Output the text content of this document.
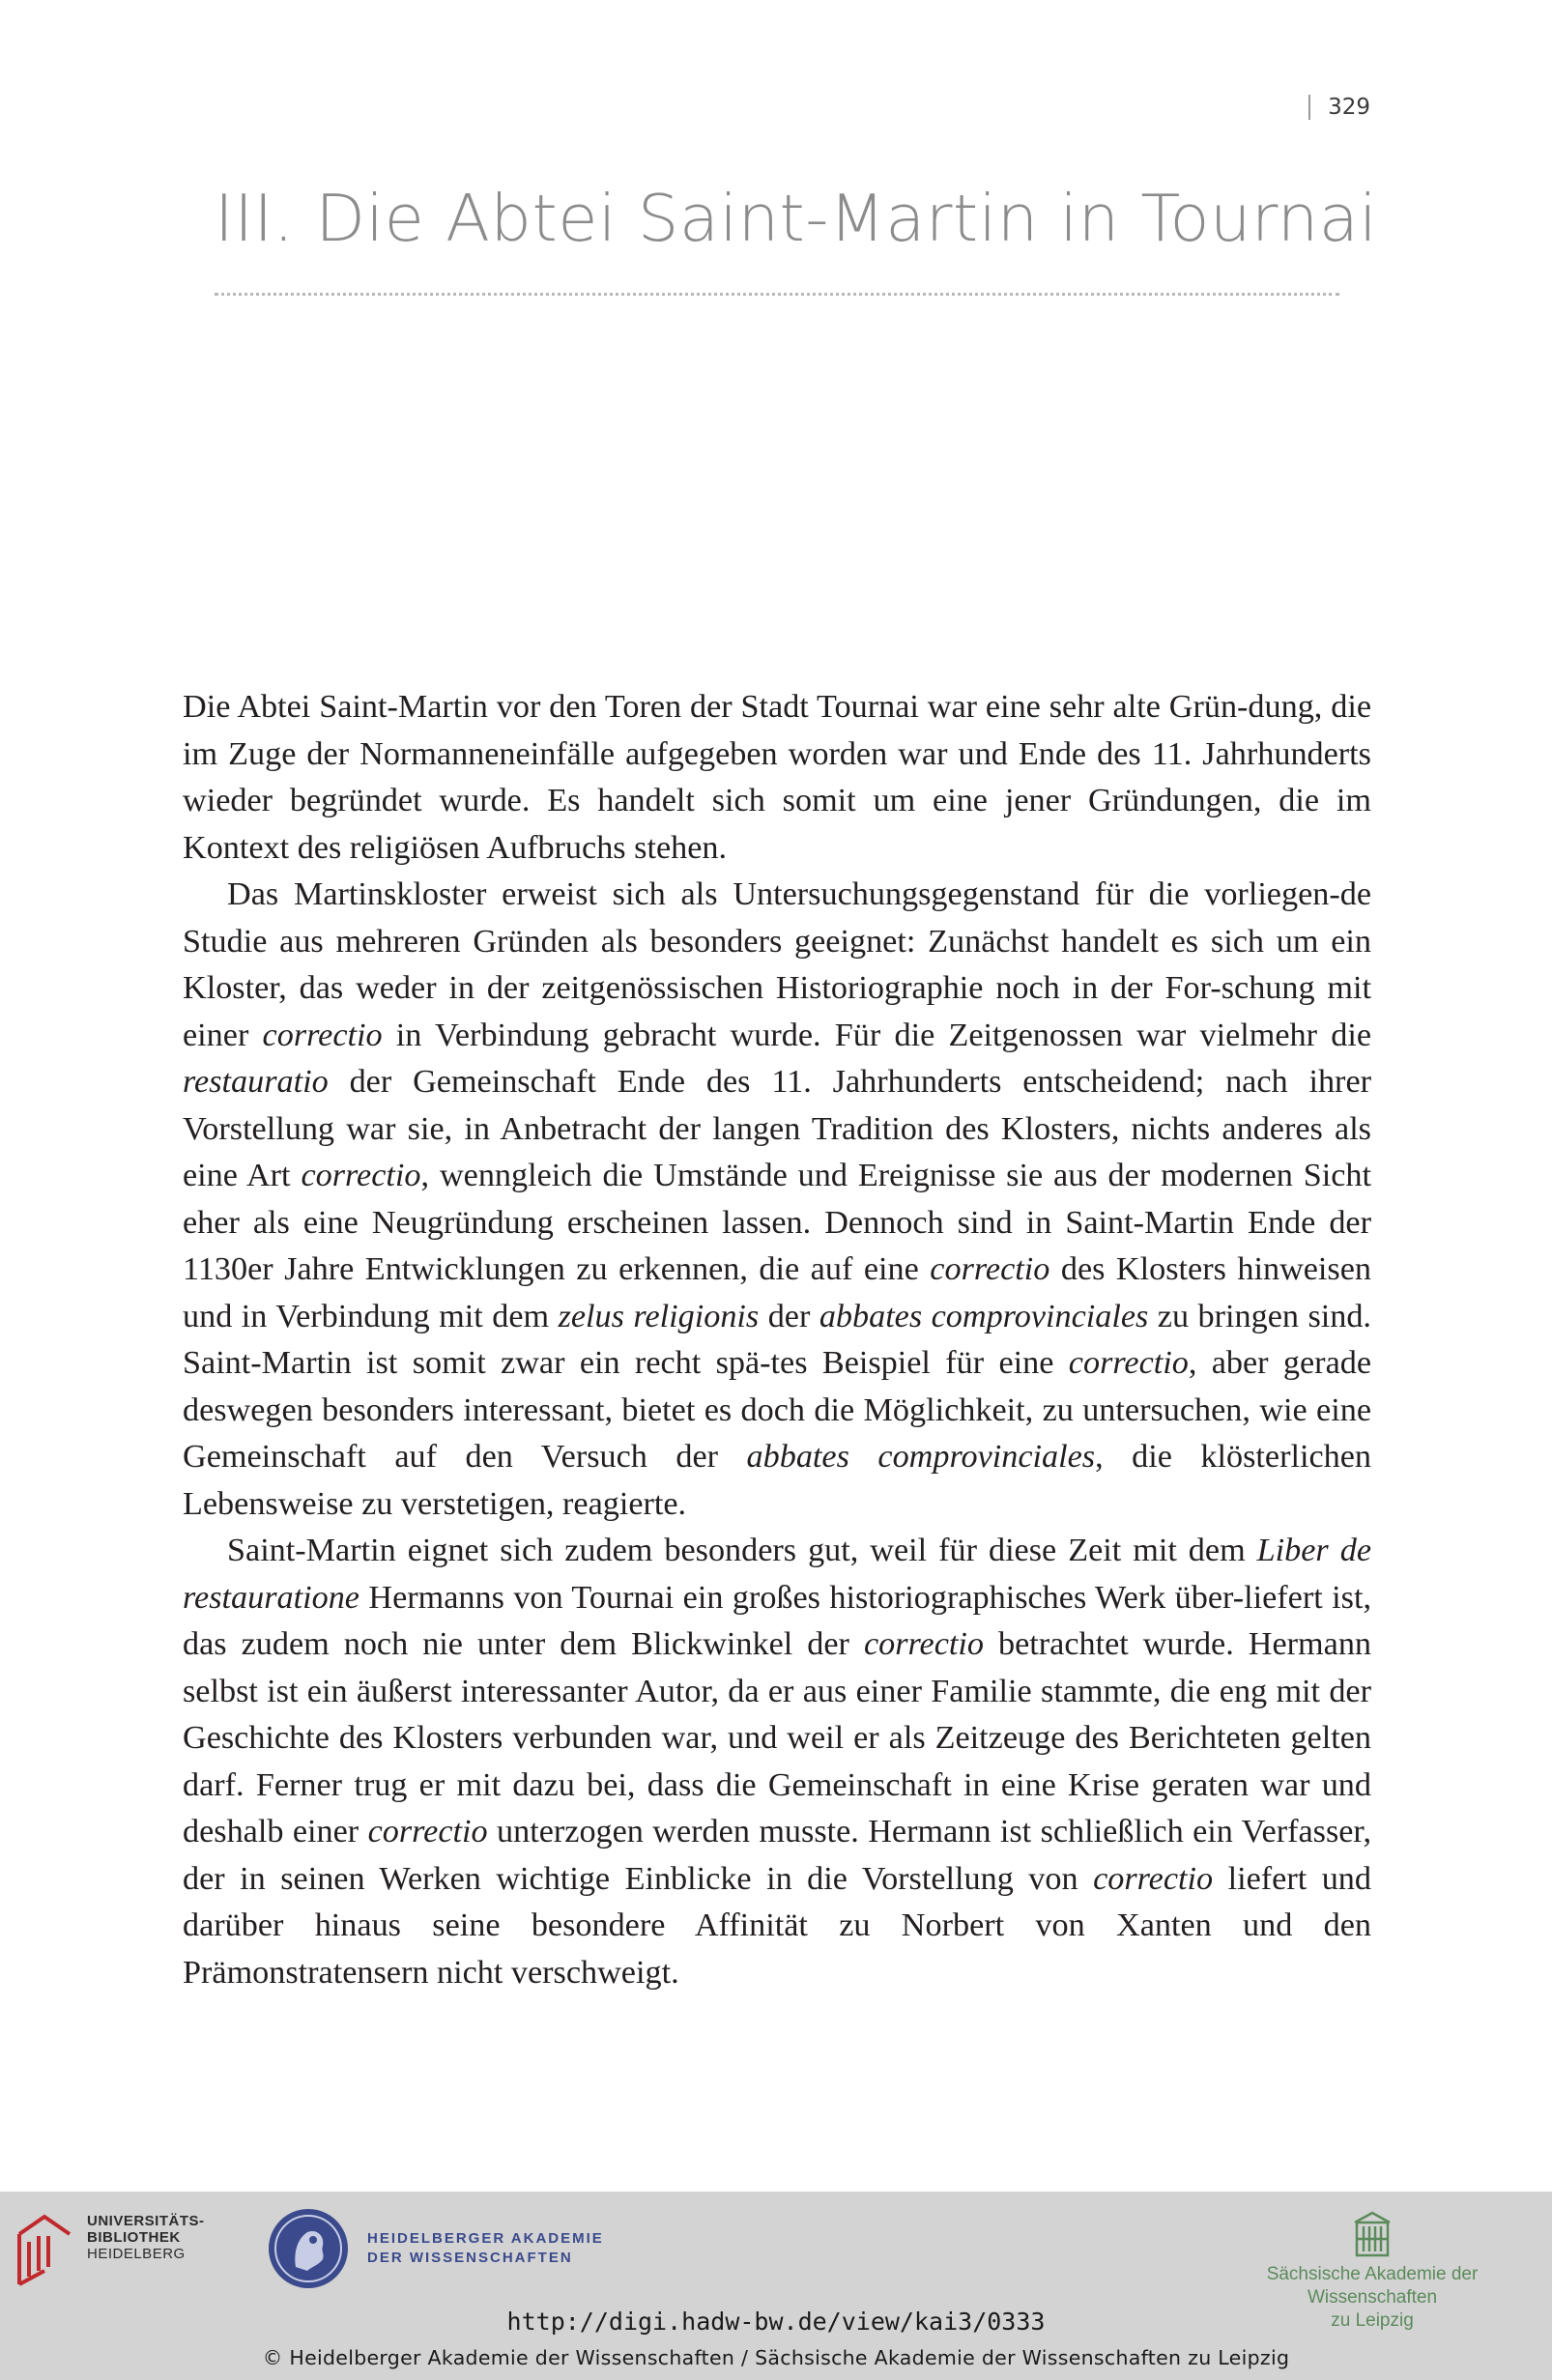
329
III. Die Abtei Saint-Martin in Tournai

Die Abtei Saint-Martin vor den Toren der Stadt Tournai war eine sehr alte Grün-dung, die im Zuge der Normanneneinfälle aufgegeben worden war und Ende des 11. Jahrhunderts wieder begründet wurde. Es handelt sich somit um eine jener Gründungen, die im Kontext des religiösen Aufbruchs stehen.

Das Martinskloster erweist sich als Untersuchungsgegenstand für die vorliegen-de Studie aus mehreren Gründen als besonders geeignet: Zunächst handelt es sich um ein Kloster, das weder in der zeitgenössischen Historiographie noch in der For-schung mit einer correctio in Verbindung gebracht wurde. Für die Zeitgenossen war vielmehr die restauratio der Gemeinschaft Ende des 11. Jahrhunderts entscheidend; nach ihrer Vorstellung war sie, in Anbetracht der langen Tradition des Klosters, nichts anderes als eine Art correctio, wenngleich die Umstände und Ereignisse sie aus der modernen Sicht eher als eine Neugründung erscheinen lassen. Dennoch sind in Saint-Martin Ende der 1130er Jahre Entwicklungen zu erkennen, die auf eine correctio des Klosters hinweisen und in Verbindung mit dem zelus religionis der abbates comprovinciales zu bringen sind. Saint-Martin ist somit zwar ein recht spä-tes Beispiel für eine correctio, aber gerade deswegen besonders interessant, bietet es doch die Möglichkeit, zu untersuchen, wie eine Gemeinschaft auf den Versuch der abbates comprovinciales, die klösterlichen Lebensweise zu verstetigen, reagierte.

Saint-Martin eignet sich zudem besonders gut, weil für diese Zeit mit dem Liber de restauratione Hermanns von Tournai ein großes historiographisches Werk über-liefert ist, das zudem noch nie unter dem Blickwinkel der correctio betrachtet wurde. Hermann selbst ist ein äußerst interessanter Autor, da er aus einer Familie stammte, die eng mit der Geschichte des Klosters verbunden war, und weil er als Zeitzeuge des Berichteten gelten darf. Ferner trug er mit dazu bei, dass die Gemeinschaft in eine Krise geraten war und deshalb einer correctio unterzogen werden musste. Hermann ist schließlich ein Verfasser, der in seinen Werken wichtige Einblicke in die Vorstellung von correctio liefert und darüber hinaus seine besondere Affinität zu Norbert von Xanten und den Prämonstratensern nicht verschweigt.

UNIVERSITÄTS-
BIBLIOTHEK
HEIDELBERG
HEIDELBERGER AKADEMIE
DER WISSENSCHAFTEN
Sächsische Akademie der Wissenschaften
zu Leipzig
http://digi.hadw-bw.de/view/kai3/0333
© Heidelberger Akademie der Wissenschaften / Sächsische Akademie der Wissenschaften zu Leipzig
